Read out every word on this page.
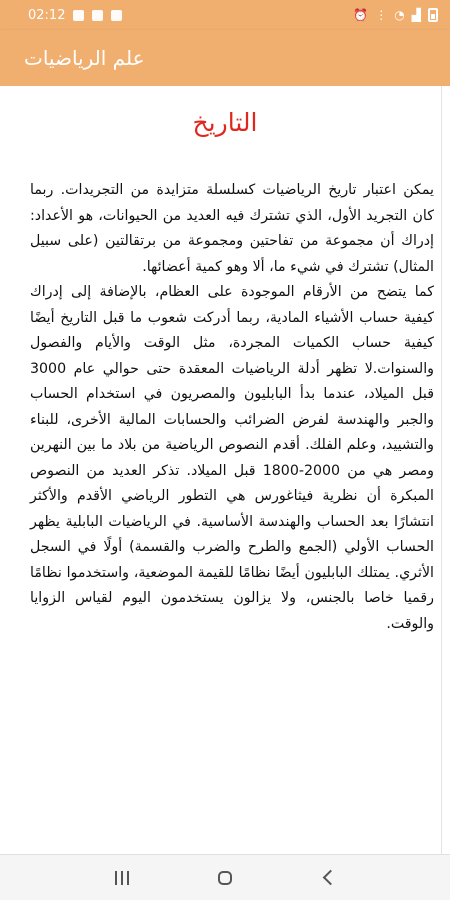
02:12	⏰ ⋮ ◔ ▟
علم الرياضيات
التاريخ

يمكن اعتبار تاريخ الرياضيات كسلسلة متزايدة من التجريدات. ربما كان التجريد الأول، الذي تشترك فيه العديد من الحيوانات، هو الأعداد: إدراك أن مجموعة من تفاحتين ومجموعة من برتقالتين (على سبيل المثال) تشترك في شيء ما، ألا وهو كمية أعضائها.

كما يتضح من الأرقام الموجودة على العظام، بالإضافة إلى إدراك كيفية حساب الأشياء المادية، ربما أدركت شعوب ما قبل التاريخ أيضًا كيفية حساب الكميات المجردة، مثل الوقت والأيام والفصول والسنوات.لا تظهر أدلة الرياضيات المعقدة حتى حوالي عام 3000 قبل الميلاد، عندما بدأ البابليون والمصريون في استخدام الحساب والجبر والهندسة لفرض الضرائب والحسابات المالية الأخرى، للبناء والتشييد، وعلم الفلك. أقدم النصوص الرياضية من بلاد ما بين النهرين ومصر هي من 2000-1800 قبل الميلاد. تذكر العديد من النصوص المبكرة أن نظرية فيثاغورس هي التطور الرياضي الأقدم والأكثر انتشارًا بعد الحساب والهندسة الأساسية. في الرياضيات البابلية يظهر الحساب الأولي (الجمع والطرح والضرب والقسمة) أولًا في السجل الأثري. يمتلك البابليون أيضًا نظامًا للقيمة الموضعية، واستخدموا نظامًا رقميا خاصا بالجنس، ولا يزالون يستخدمون اليوم لقياس الزوايا والوقت.
